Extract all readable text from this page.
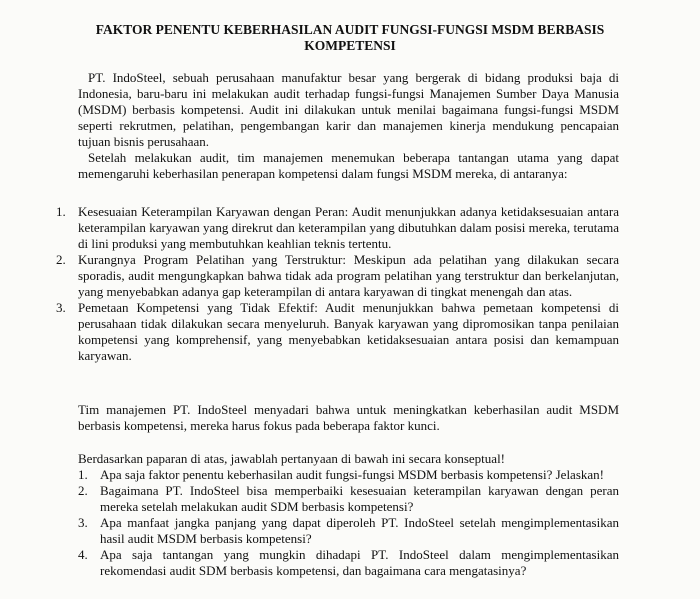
FAKTOR PENENTU KEBERHASILAN AUDIT FUNGSI-FUNGSI MSDM BERBASIS KOMPETENSI
PT. IndoSteel, sebuah perusahaan manufaktur besar yang bergerak di bidang produksi baja di Indonesia, baru-baru ini melakukan audit terhadap fungsi-fungsi Manajemen Sumber Daya Manusia (MSDM) berbasis kompetensi. Audit ini dilakukan untuk menilai bagaimana fungsi-fungsi MSDM seperti rekrutmen, pelatihan, pengembangan karir dan manajemen kinerja mendukung pencapaian tujuan bisnis perusahaan.
Setelah melakukan audit, tim manajemen menemukan beberapa tantangan utama yang dapat memengaruhi keberhasilan penerapan kompetensi dalam fungsi MSDM mereka, di antaranya:
1. Kesesuaian Keterampilan Karyawan dengan Peran: Audit menunjukkan adanya ketidaksesuaian antara keterampilan karyawan yang direkrut dan keterampilan yang dibutuhkan dalam posisi mereka, terutama di lini produksi yang membutuhkan keahlian teknis tertentu.
2. Kurangnya Program Pelatihan yang Terstruktur: Meskipun ada pelatihan yang dilakukan secara sporadis, audit mengungkapkan bahwa tidak ada program pelatihan yang terstruktur dan berkelanjutan, yang menyebabkan adanya gap keterampilan di antara karyawan di tingkat menengah dan atas.
3. Pemetaan Kompetensi yang Tidak Efektif: Audit menunjukkan bahwa pemetaan kompetensi di perusahaan tidak dilakukan secara menyeluruh. Banyak karyawan yang dipromosikan tanpa penilaian kompetensi yang komprehensif, yang menyebabkan ketidaksesuaian antara posisi dan kemampuan karyawan.
Tim manajemen PT. IndoSteel menyadari bahwa untuk meningkatkan keberhasilan audit MSDM berbasis kompetensi, mereka harus fokus pada beberapa faktor kunci.
Berdasarkan paparan di atas, jawablah pertanyaan di bawah ini secara konseptual!
1. Apa saja faktor penentu keberhasilan audit fungsi-fungsi MSDM berbasis kompetensi? Jelaskan!
2. Bagaimana PT. IndoSteel bisa memperbaiki kesesuaian keterampilan karyawan dengan peran mereka setelah melakukan audit SDM berbasis kompetensi?
3. Apa manfaat jangka panjang yang dapat diperoleh PT. IndoSteel setelah mengimplementasikan hasil audit MSDM berbasis kompetensi?
4. Apa saja tantangan yang mungkin dihadapi PT. IndoSteel dalam mengimplementasikan rekomendasi audit SDM berbasis kompetensi, dan bagaimana cara mengatasinya?
